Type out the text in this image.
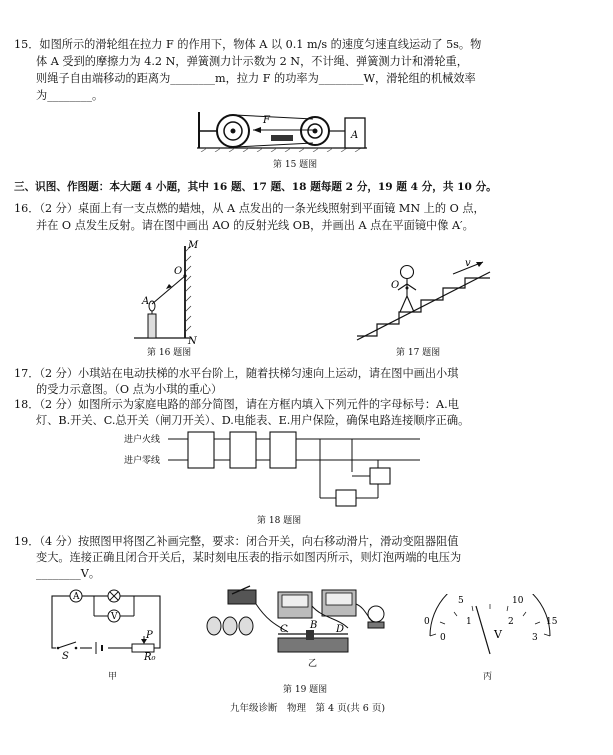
15．如图所示的滑轮组在拉力 F 的作用下，物体 A 以 0.1 m/s 的速度匀速直线运动了 5s。物
体 A 受到的摩擦力为 4.2 N，弹簧测力计示数为 2 N，不计绳、弹簧测力计和滑轮重，
则绳子自由端移动的距离为________m，拉力 F 的功率为________W，滑轮组的机械效率
为________。
F
A
第 15 题图
三、识图、作图题：本大题 4 小题，其中 16 题、17 题、18 题每题 2 分，19 题 4 分，共 10 分。
16．（2 分）桌面上有一支点燃的蜡烛，从 A 点发出的一条光线照射到平面镜 MN 上的 O 点，
并在 O 点发生反射。请在图中画出 AO 的反射光线 OB，并画出 A 点在平面镜中像 A′。
M
O
A
N
第 16 题图
O
v
第 17 题图
17．（2 分）小琪站在电动扶梯的水平台阶上，随着扶梯匀速向上运动，请在图中画出小琪
的受力示意图。（O 点为小琪的重心）
18．（2 分）如图所示为家庭电路的部分简图，请在方框内填入下列元件的字母标号：A.电
灯、B.开关、C.总开关（闸刀开关）、D.电能表、E.用户保险，确保电路连接顺序正确。
进户火线
进户零线
第 18 题图
19．（4 分）按照图甲将图乙补画完整，要求：闭合开关，向右移动滑片，滑动变阻器阻值
变大。连接正确且闭合开关后，某时刻电压表的指示如图丙所示，则灯泡两端的电压为
________V。
A
V
S
P
R₀
甲
C B D
乙
第 19 题图
0
5	10
15
0
1	2
3
V
丙
九年级诊断　物理　第 4 页(共 6 页)
